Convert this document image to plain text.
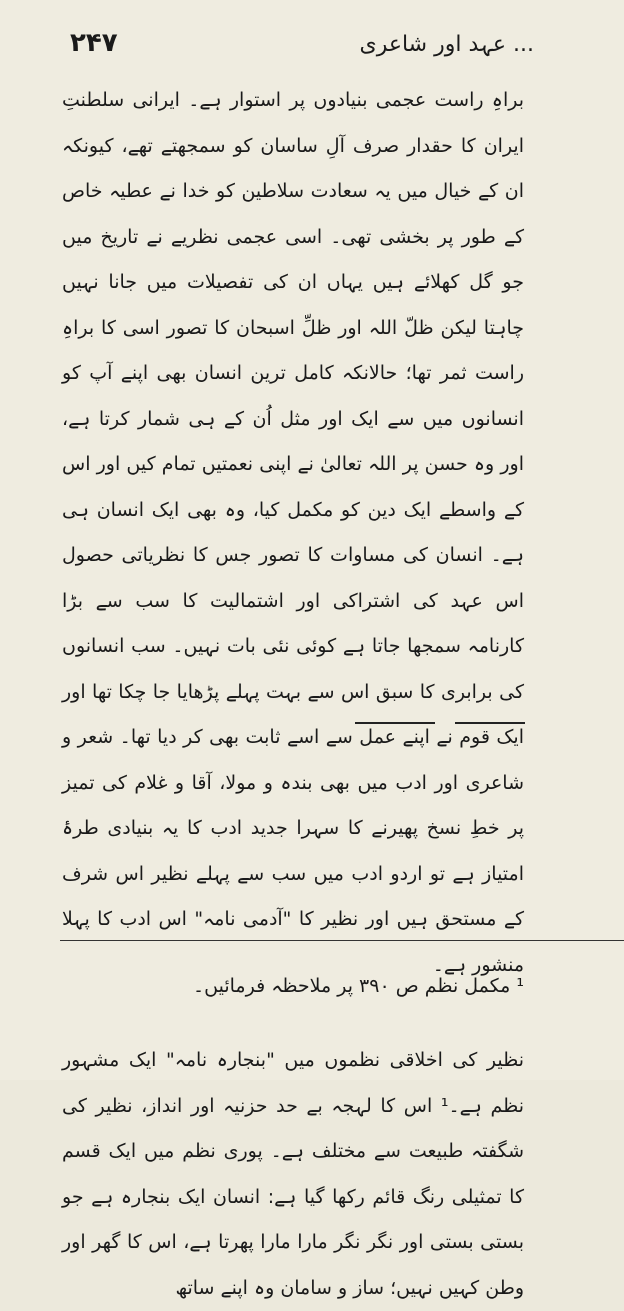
... عہد اور شاعری
۲۴۷

براہِ راست عجمی بنیادوں پر استوار ہے۔ ایرانی سلطنتِ ایران کا حقدار صرف آلِ ساسان کو سمجھتے تھے، کیونکہ ان کے خیال میں یہ سعادت سلاطین کو خدا نے عطیہ خاص کے طور پر بخشی تھی۔ اسی عجمی نظریے نے تاریخ میں جو گل کھلائے ہیں یہاں ان کی تفصیلات میں جانا نہیں چاہتا لیکن ظلّ اللہ اور ظلِّ اسبحان کا تصور اسی کا براہِ راست ثمر تھا؛ حالانکہ کامل ترین انسان بھی اپنے آپ کو انسانوں میں سے ایک اور مثل اُن کے ہی شمار کرتا ہے، اور وہ حسن پر اللہ تعالیٰ نے اپنی نعمتیں تمام کیں اور اس کے واسطے ایک دین کو مکمل کیا، وہ بھی ایک انسان ہی ہے۔ انسان کی مساوات کا تصور جس کا نظریاتی حصول اس عہد کی اشتراکی اور اشتمالیت کا سب سے بڑا کارنامہ سمجھا جاتا ہے کوئی نئی بات نہیں۔ سب انسانوں کی برابری کا سبق اس سے بہت پہلے پڑھایا جا چکا تھا اور ایک قوم نے اپنے عمل سے اسے ثابت بھی کر دیا تھا۔ شعر و شاعری اور ادب میں بھی بندہ و مولا، آقا و غلام کی تمیز پر خطِ نسخ پھیرنے کا سہرا جدید ادب کا یہ بنیادی طرۂ امتیاز ہے تو اردو ادب میں سب سے پہلے نظیر اس شرف کے مستحق ہیں اور نظیر کا "آدمی نامہ" اس ادب کا پہلا منشور ہے۔

نظیر کی اخلاقی نظموں میں "بنجارہ نامہ" ایک مشہور نظم ہے۔¹ اس کا لہجہ بے حد حزنیہ اور انداز، نظیر کی شگفتہ طبیعت سے مختلف ہے۔ پوری نظم میں ایک قسم کا تمثیلی رنگ قائم رکھا گیا ہے: انسان ایک بنجارہ ہے جو بستی بستی اور نگر نگر مارا مارا پھرتا ہے، اس کا گھر اور وطن کہیں نہیں؛ ساز و سامان وہ اپنے ساتھ

¹ مکمل نظم ص ۳۹۰ پر ملاحظہ فرمائیں۔
